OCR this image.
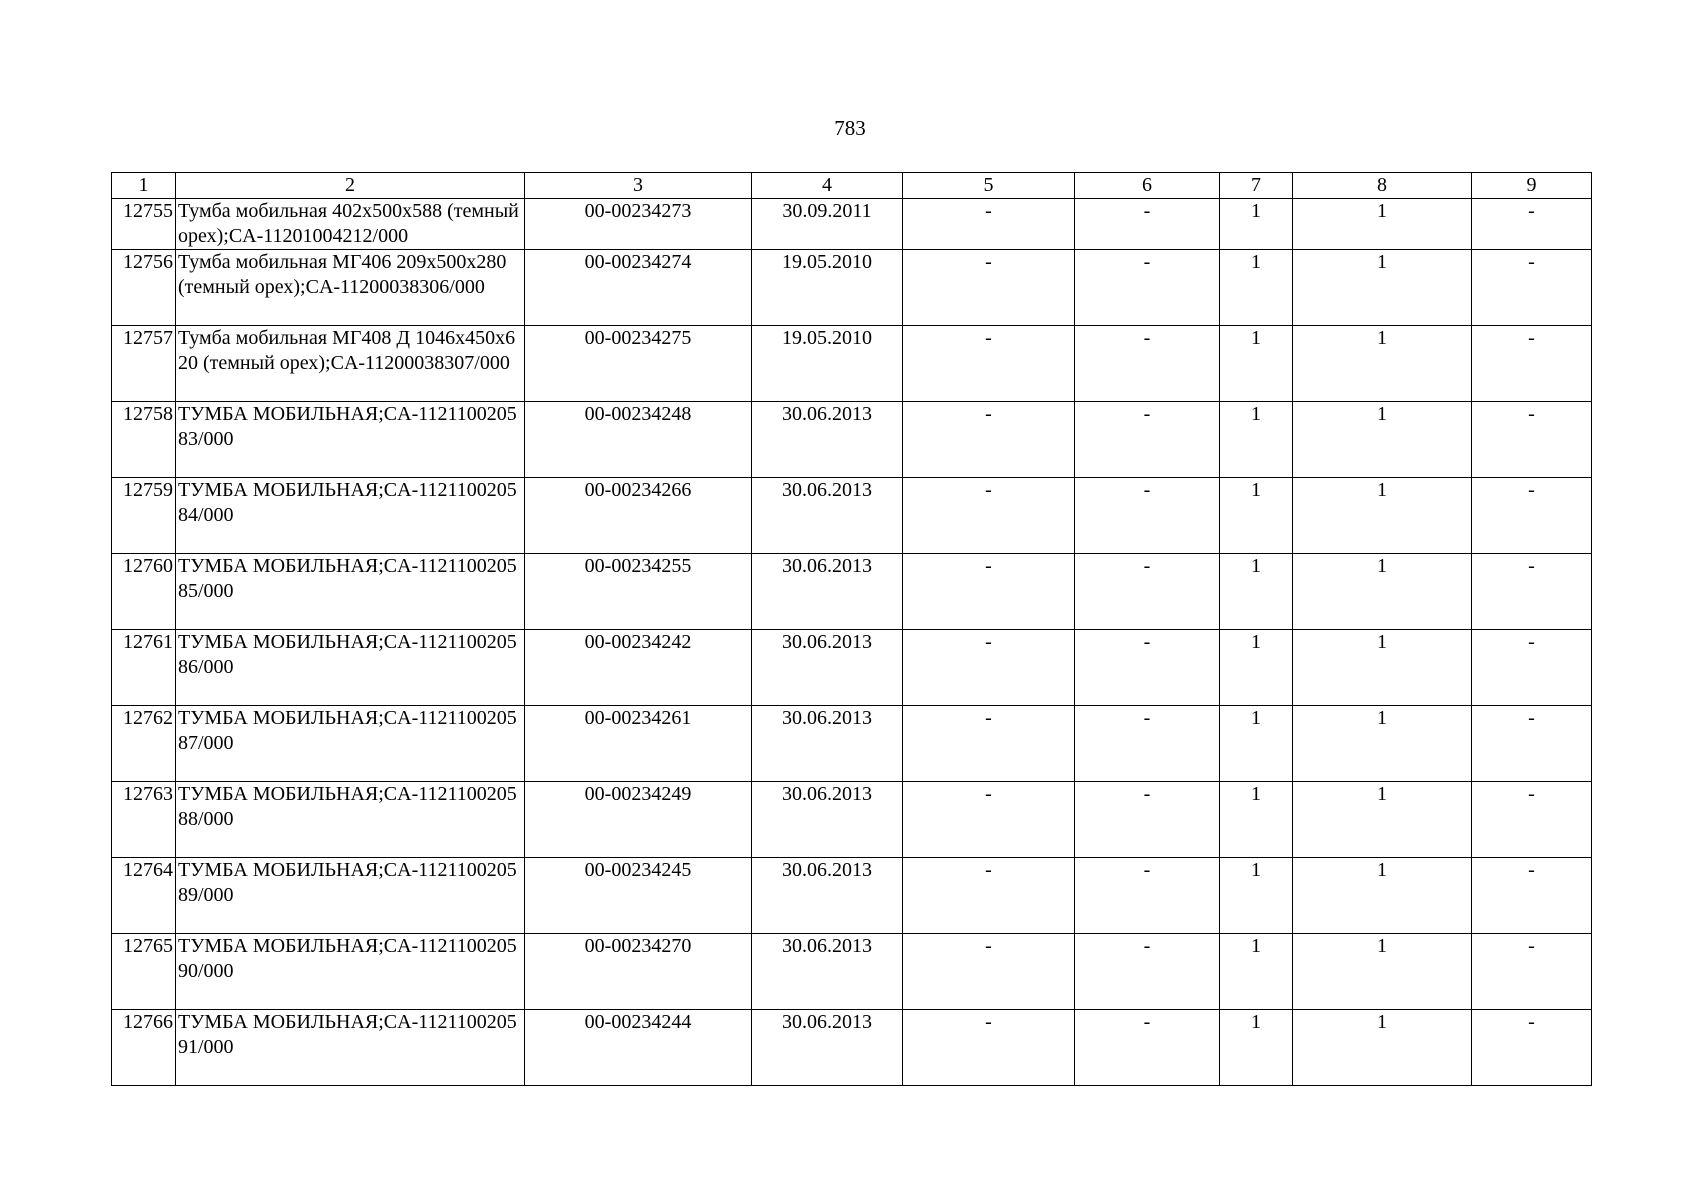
783
1	2	3	4	5	6	7	8	9
12755	Тумба мобильная 402x500x588 (темный орех);CA-11201004212/000	00-00234273	30.09.2011	-	-	1	1	-
12756	Тумба мобильная МГ406 209x500x280 (темный орех);CA-11200038306/000	00-00234274	19.05.2010	-	-	1	1	-
12757	Тумба мобильная МГ408 Д 1046x450x620 (темный орех);CA-11200038307/000	00-00234275	19.05.2010	-	-	1	1	-
12758	ТУМБА МОБИЛЬНАЯ;CA-112110020583/000	00-00234248	30.06.2013	-	-	1	1	-
12759	ТУМБА МОБИЛЬНАЯ;CA-112110020584/000	00-00234266	30.06.2013	-	-	1	1	-
12760	ТУМБА МОБИЛЬНАЯ;CA-112110020585/000	00-00234255	30.06.2013	-	-	1	1	-
12761	ТУМБА МОБИЛЬНАЯ;CA-112110020586/000	00-00234242	30.06.2013	-	-	1	1	-
12762	ТУМБА МОБИЛЬНАЯ;CA-112110020587/000	00-00234261	30.06.2013	-	-	1	1	-
12763	ТУМБА МОБИЛЬНАЯ;CA-112110020588/000	00-00234249	30.06.2013	-	-	1	1	-
12764	ТУМБА МОБИЛЬНАЯ;CA-112110020589/000	00-00234245	30.06.2013	-	-	1	1	-
12765	ТУМБА МОБИЛЬНАЯ;CA-112110020590/000	00-00234270	30.06.2013	-	-	1	1	-
12766	ТУМБА МОБИЛЬНАЯ;CA-112110020591/000	00-00234244	30.06.2013	-	-	1	1	-
